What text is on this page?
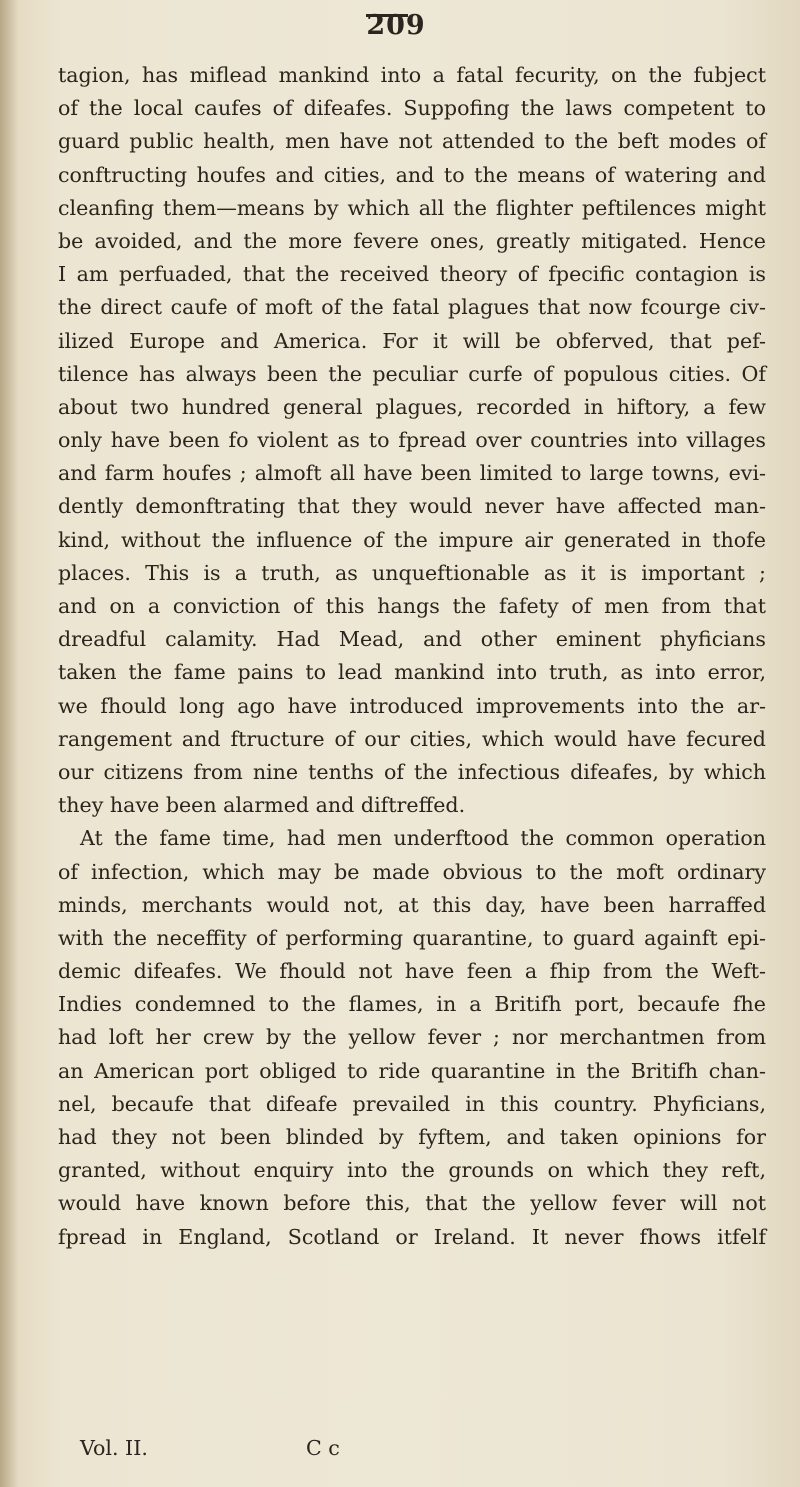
209
tagion, has miflead mankind into a fatal fecurity, on the fubject
of the local caufes of difeafes. Suppofing the laws competent to
guard public health, men have not attended to the beft modes of
conftructing houfes and cities, and to the means of watering and
cleanfing them—means by which all the flighter peftilences might
be avoided, and the more fevere ones, greatly mitigated. Hence
I am perfuaded, that the received theory of fpecific contagion is
the direct caufe of moft of the fatal plagues that now fcourge civ-
ilized Europe and America. For it will be obferved, that pef-
tilence has always been the peculiar curfe of populous cities. Of
about two hundred general plagues, recorded in hiftory, a few
only have been fo violent as to fpread over countries into villages
and farm houfes ; almoft all have been limited to large towns, evi-
dently demonftrating that they would never have affected man-
kind, without the influence of the impure air generated in thofe
places. This is a truth, as unqueftionable as it is important ;
and on a conviction of this hangs the fafety of men from that
dreadful calamity. Had Mead, and other eminent phyficians
taken the fame pains to lead mankind into truth, as into error,
we fhould long ago have introduced improvements into the ar-
rangement and ftructure of our cities, which would have fecured
our citizens from nine tenths of the infectious difeafes, by which
they have been alarmed and diftreffed.
At the fame time, had men underftood the common operation
of infection, which may be made obvious to the moft ordinary
minds, merchants would not, at this day, have been harraffed
with the neceffity of performing quarantine, to guard againft epi-
demic difeafes. We fhould not have feen a fhip from the Weft-
Indies condemned to the flames, in a Britifh port, becaufe fhe
had loft her crew by the yellow fever ; nor merchantmen from
an American port obliged to ride quarantine in the Britifh chan-
nel, becaufe that difeafe prevailed in this country. Phyficians,
had they not been blinded by fyftem, and taken opinions for
granted, without enquiry into the grounds on which they reft,
would have known before this, that the yellow fever will not
fpread in England, Scotland or Ireland. It never fhows itfelf
Vol. II.	C c
